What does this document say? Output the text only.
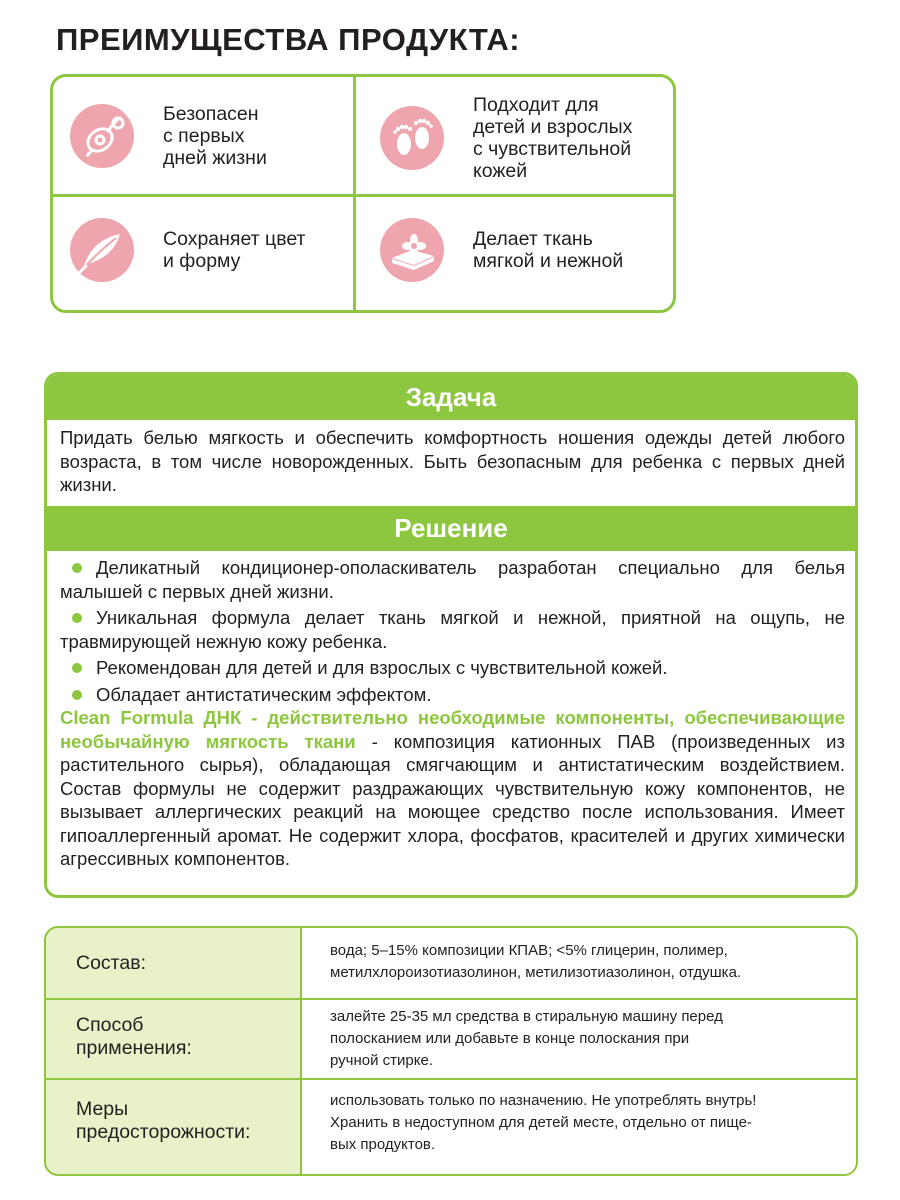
ПРЕИМУЩЕСТВА ПРОДУКТА:
Безопасен
с первых
дней жизни
Подходит для
детей и взрослых
с чувствительной
кожей
Сохраняет цвет
и форму
Делает ткань
мягкой и нежной
Задача
Придать белью мягкость и обеспечить комфортность ношения одежды детей любого возраста, в том числе новорожденных. Быть безопасным для ребенка с первых дней жизни.
Решение
Деликатный кондиционер-ополаскиватель разработан специально для белья малышей с первых дней жизни.
Уникальная формула делает ткань мягкой и нежной, приятной на ощупь, не травмирующей нежную кожу ребенка.
Рекомендован для детей и для взрослых с чувствительной кожей.
Обладает антистатическим эффектом.
Clean Formula ДНК - действительно необходимые компоненты, обеспечивающие необычайную мягкость ткани - композиция катионных ПАВ (произведенных из растительного сырья), обладающая смягчающим и антистатическим воздействием. Состав формулы не содержит раздражающих чувствительную кожу компонентов, не вызывает аллергических реакций на моющее средство после использования. Имеет гипоаллергенный аромат. Не содержит хлора, фосфатов, красителей и других химически агрессивных компонентов.
Состав:
вода; 5–15% композиции КПАВ; <5% глицерин, полимер,
метилхлороизотиазолинон, метилизотиазолинон, отдушка.
Способ
применения:
залейте 25-35 мл средства в стиральную машину перед
полосканием или добавьте в конце полоскания при
ручной стирке.
Меры
предосторожности:
использовать только по назначению. Не употреблять внутрь!
Хранить в недоступном для детей месте, отдельно от пище-
вых продуктов.
